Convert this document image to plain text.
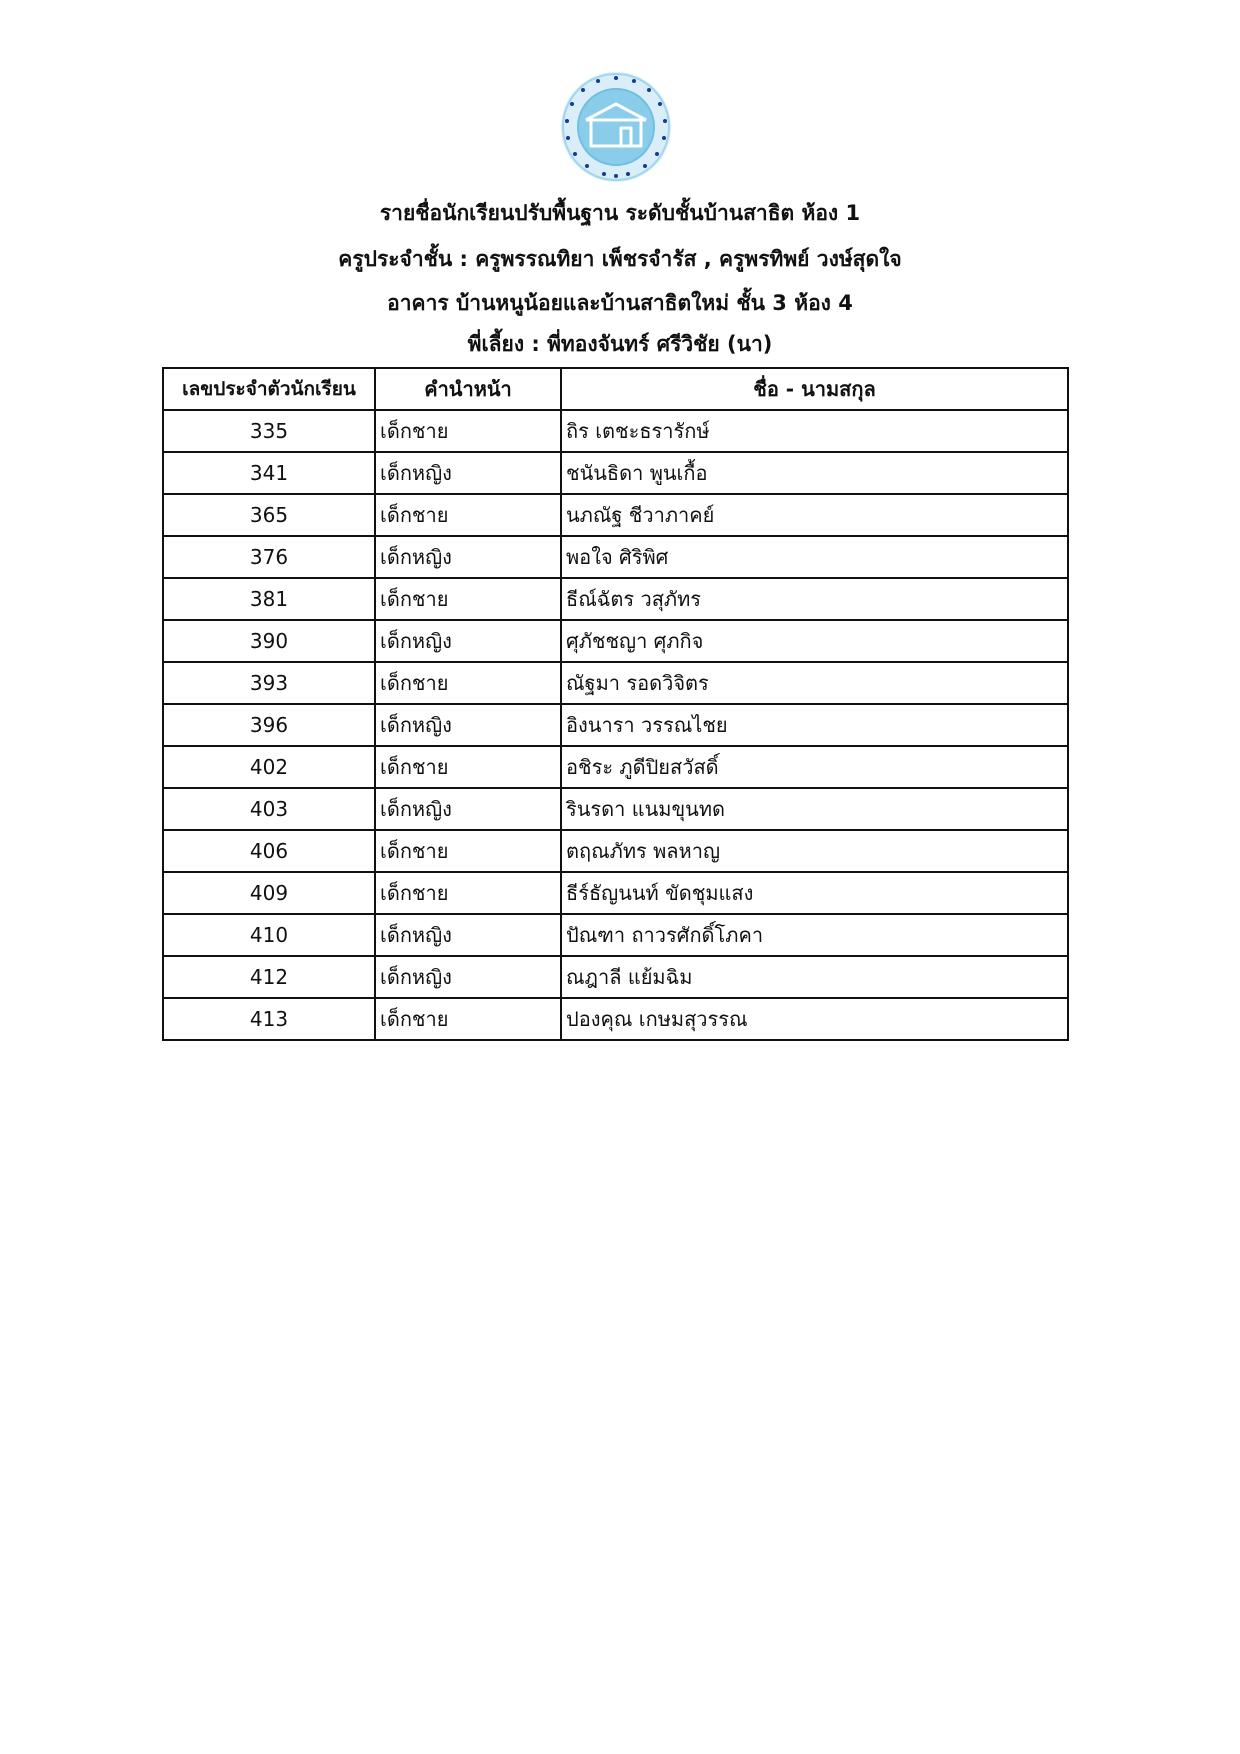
รายชื่อนักเรียนปรับพื้นฐาน ระดับชั้นบ้านสาธิต ห้อง 1
ครูประจำชั้น : ครูพรรณทิยา เพ็ชรจำรัส , ครูพรทิพย์ วงษ์สุดใจ
อาคาร บ้านหนูน้อยและบ้านสาธิตใหม่ ชั้น 3 ห้อง 4
พี่เลี้ยง : พี่ทองจันทร์ ศรีวิชัย (นา)
เลขประจำตัวนักเรียน	คำนำหน้า	ชื่อ - นามสกุล
335	เด็กชาย	ถิร เตชะธรารักษ์
341	เด็กหญิง	ชนันธิดา พูนเกื้อ
365	เด็กชาย	นภณัฐ ชีวาภาคย์
376	เด็กหญิง	พอใจ ศิริพิศ
381	เด็กชาย	ธีณ์ฉัตร วสุภัทร
390	เด็กหญิง	ศุภัชชญา ศุภกิจ
393	เด็กชาย	ณัฐมา รอดวิจิตร
396	เด็กหญิง	อิงนารา วรรณไชย
402	เด็กชาย	อชิระ ภูดีปิยสวัสดิ์
403	เด็กหญิง	รินรดา แนมขุนทด
406	เด็กชาย	ตฤณภัทร พลหาญ
409	เด็กชาย	ธีร์ธัญนนท์ ขัดชุมแสง
410	เด็กหญิง	ปัณฑา ถาวรศักดิ์โภคา
412	เด็กหญิง	ณฎาลี แย้มฉิม
413	เด็กชาย	ปองคุณ เกษมสุวรรณ
